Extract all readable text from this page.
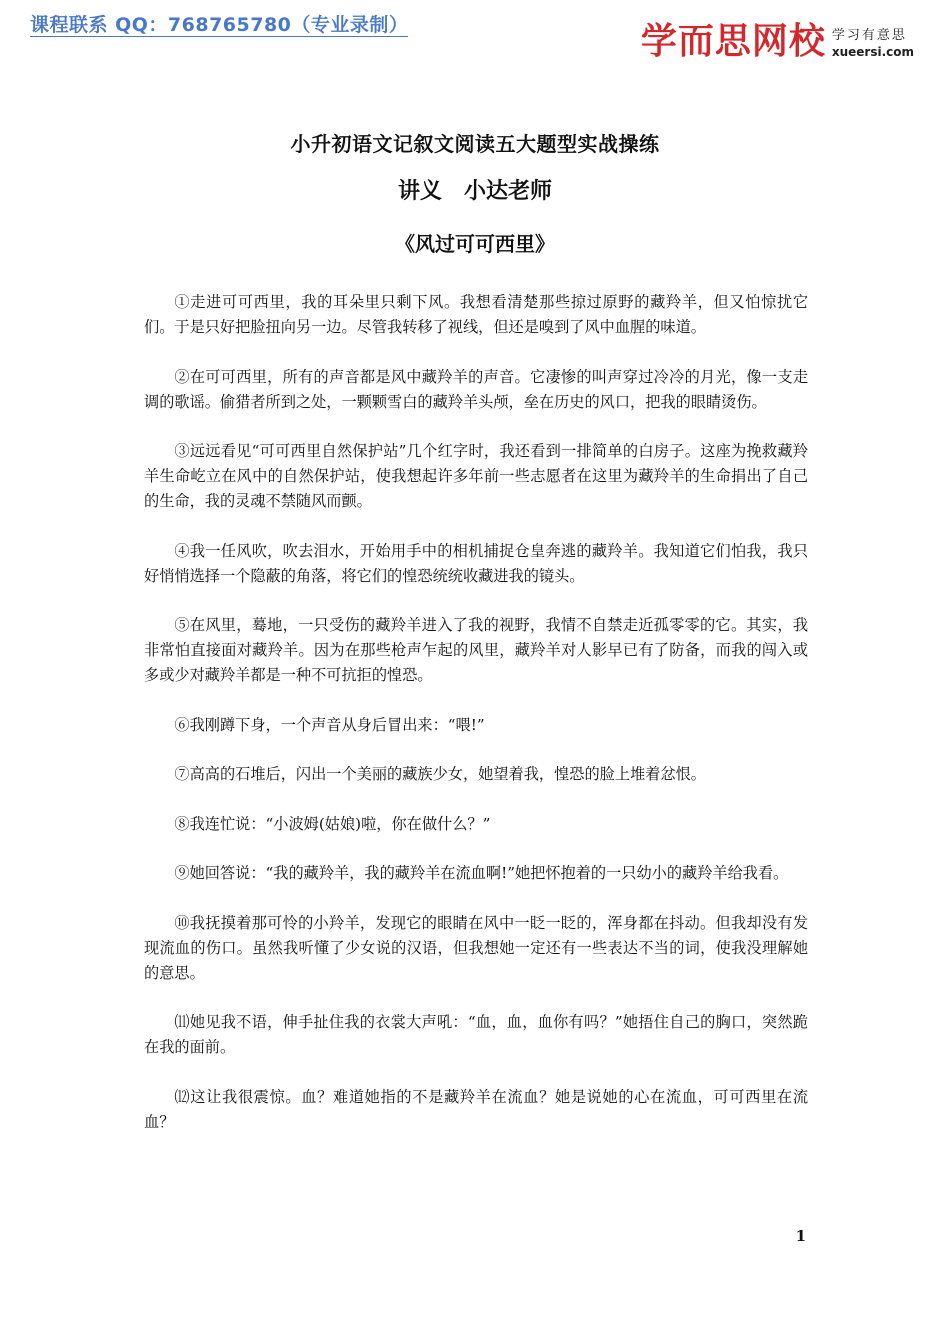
课程联系 QQ：768765780（专业录制）	学而思网校 学习有意思
xueersi.com
小升初语文记叙文阅读五大题型实战操练
讲义 小达老师
《风过可可西里》

①走进可可西里，我的耳朵里只剩下风。我想看清楚那些掠过原野的藏羚羊，但又怕惊扰它们。于是只好把脸扭向另一边。尽管我转移了视线，但还是嗅到了风中血腥的味道。

②在可可西里，所有的声音都是风中藏羚羊的声音。它凄惨的叫声穿过冷冷的月光，像一支走调的歌谣。偷猎者所到之处，一颗颗雪白的藏羚羊头颅，垒在历史的风口，把我的眼睛烫伤。

③远远看见“可可西里自然保护站”几个红字时，我还看到一排简单的白房子。这座为挽救藏羚羊生命屹立在风中的自然保护站，使我想起许多年前一些志愿者在这里为藏羚羊的生命捐出了自己的生命，我的灵魂不禁随风而颤。

④我一任风吹，吹去泪水，开始用手中的相机捕捉仓皇奔逃的藏羚羊。我知道它们怕我，我只好悄悄选择一个隐蔽的角落，将它们的惶恐统统收藏进我的镜头。

⑤在风里，蓦地，一只受伤的藏羚羊进入了我的视野，我情不自禁走近孤零零的它。其实，我非常怕直接面对藏羚羊。因为在那些枪声乍起的风里，藏羚羊对人影早已有了防备，而我的闯入或多或少对藏羚羊都是一种不可抗拒的惶恐。

⑥我刚蹲下身，一个声音从身后冒出来：“喂!”

⑦高高的石堆后，闪出一个美丽的藏族少女，她望着我，惶恐的脸上堆着忿恨。

⑧我连忙说：“小波姆(姑娘)啦，你在做什么？”

⑨她回答说：“我的藏羚羊，我的藏羚羊在流血啊!”她把怀抱着的一只幼小的藏羚羊给我看。

⑩我抚摸着那可怜的小羚羊，发现它的眼睛在风中一眨一眨的，浑身都在抖动。但我却没有发现流血的伤口。虽然我听懂了少女说的汉语，但我想她一定还有一些表达不当的词，使我没理解她的意思。

⑾她见我不语，伸手扯住我的衣裳大声吼：“血，血，血你有吗？”她捂住自己的胸口，突然跪在我的面前。

⑿这让我很震惊。血？难道她指的不是藏羚羊在流血？她是说她的心在流血，可可西里在流血？

1
